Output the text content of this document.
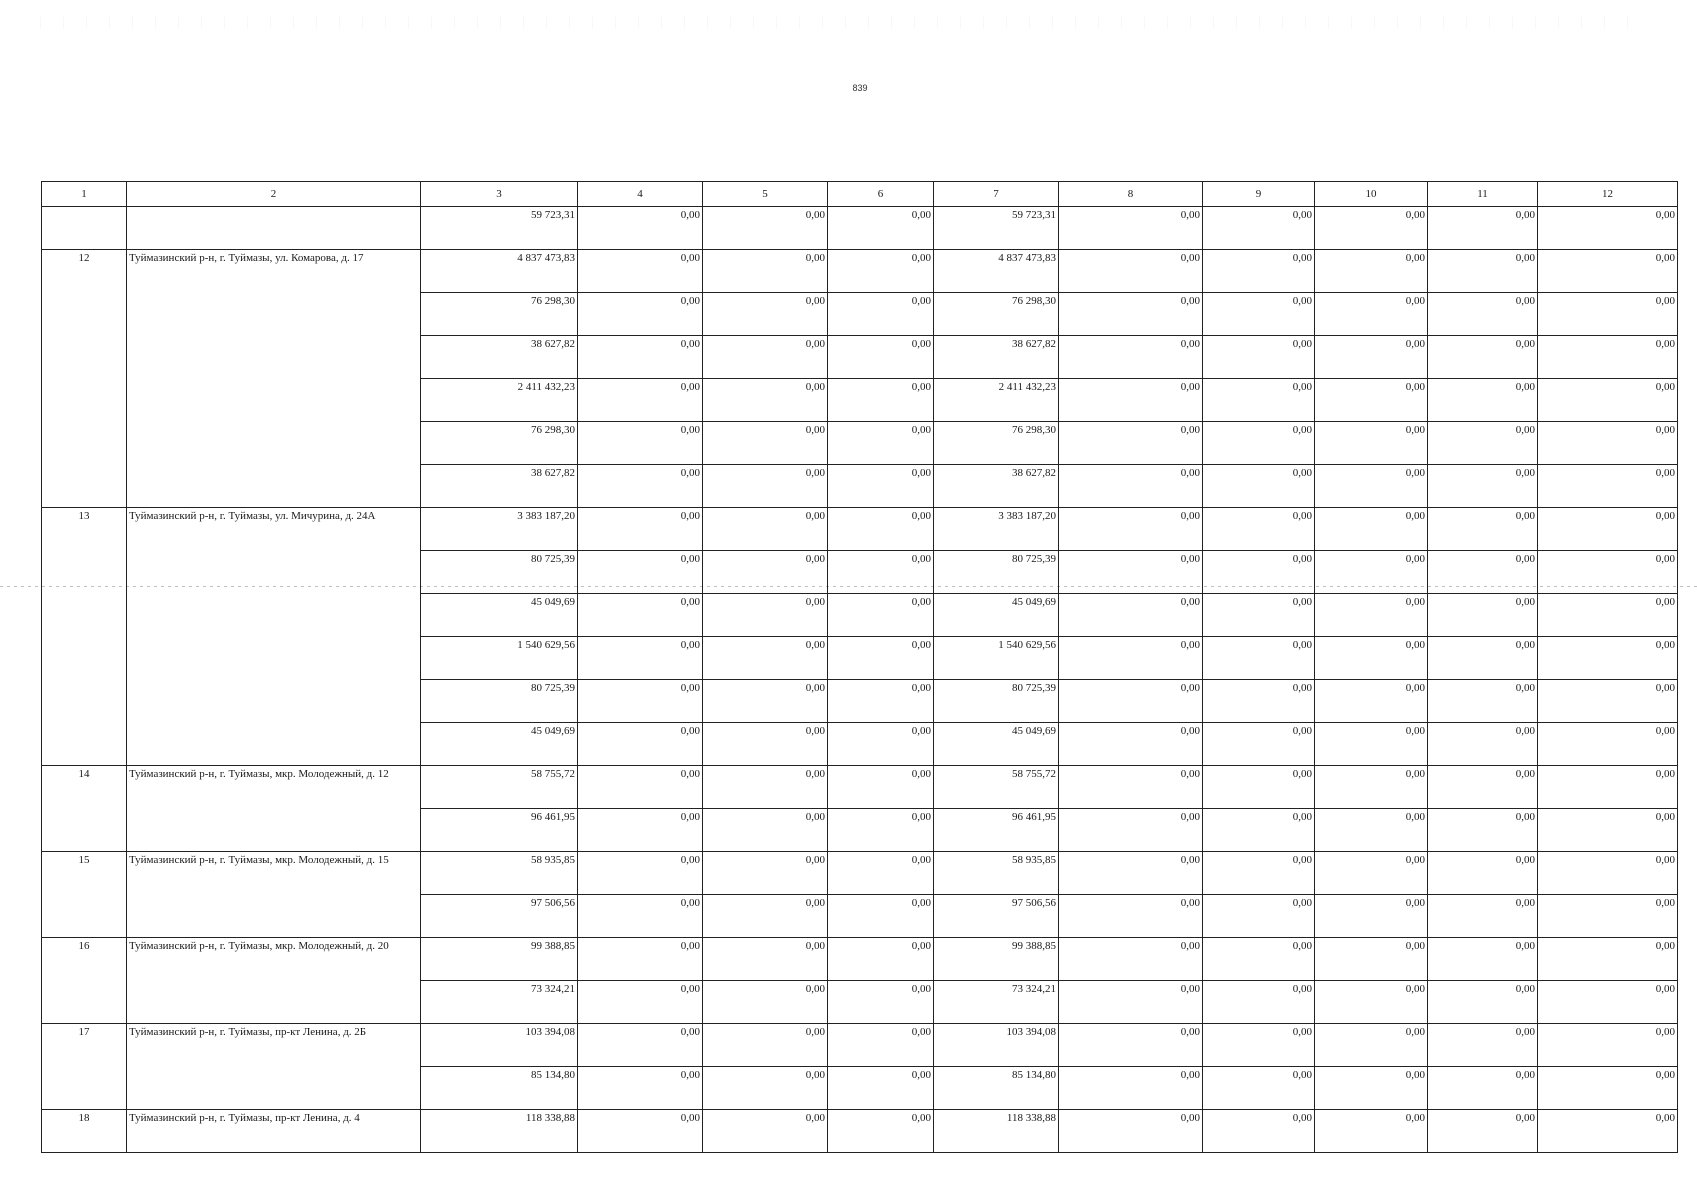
839
1	2	3	4	5	6	7	8	9	10	11	12
		59 723,31	0,00	0,00	0,00	59 723,31	0,00	0,00	0,00	0,00	0,00
12	Туймазинский р-н, г. Туймазы, ул. Комарова, д. 17	4 837 473,83	0,00	0,00	0,00	4 837 473,83	0,00	0,00	0,00	0,00	0,00
		76 298,30	0,00	0,00	0,00	76 298,30	0,00	0,00	0,00	0,00	0,00
		38 627,82	0,00	0,00	0,00	38 627,82	0,00	0,00	0,00	0,00	0,00
		2 411 432,23	0,00	0,00	0,00	2 411 432,23	0,00	0,00	0,00	0,00	0,00
		76 298,30	0,00	0,00	0,00	76 298,30	0,00	0,00	0,00	0,00	0,00
		38 627,82	0,00	0,00	0,00	38 627,82	0,00	0,00	0,00	0,00	0,00
13	Туймазинский р-н, г. Туймазы, ул. Мичурина, д. 24А	3 383 187,20	0,00	0,00	0,00	3 383 187,20	0,00	0,00	0,00	0,00	0,00
		80 725,39	0,00	0,00	0,00	80 725,39	0,00	0,00	0,00	0,00	0,00
		45 049,69	0,00	0,00	0,00	45 049,69	0,00	0,00	0,00	0,00	0,00
		1 540 629,56	0,00	0,00	0,00	1 540 629,56	0,00	0,00	0,00	0,00	0,00
		80 725,39	0,00	0,00	0,00	80 725,39	0,00	0,00	0,00	0,00	0,00
		45 049,69	0,00	0,00	0,00	45 049,69	0,00	0,00	0,00	0,00	0,00
14	Туймазинский р-н, г. Туймазы, мкр. Молодежный, д. 12	58 755,72	0,00	0,00	0,00	58 755,72	0,00	0,00	0,00	0,00	0,00
		96 461,95	0,00	0,00	0,00	96 461,95	0,00	0,00	0,00	0,00	0,00
15	Туймазинский р-н, г. Туймазы, мкр. Молодежный, д. 15	58 935,85	0,00	0,00	0,00	58 935,85	0,00	0,00	0,00	0,00	0,00
		97 506,56	0,00	0,00	0,00	97 506,56	0,00	0,00	0,00	0,00	0,00
16	Туймазинский р-н, г. Туймазы, мкр. Молодежный, д. 20	99 388,85	0,00	0,00	0,00	99 388,85	0,00	0,00	0,00	0,00	0,00
		73 324,21	0,00	0,00	0,00	73 324,21	0,00	0,00	0,00	0,00	0,00
17	Туймазинский р-н, г. Туймазы, пр-кт Ленина, д. 2Б	103 394,08	0,00	0,00	0,00	103 394,08	0,00	0,00	0,00	0,00	0,00
		85 134,80	0,00	0,00	0,00	85 134,80	0,00	0,00	0,00	0,00	0,00
18	Туймазинский р-н, г. Туймазы, пр-кт Ленина, д. 4	118 338,88	0,00	0,00	0,00	118 338,88	0,00	0,00	0,00	0,00	0,00
